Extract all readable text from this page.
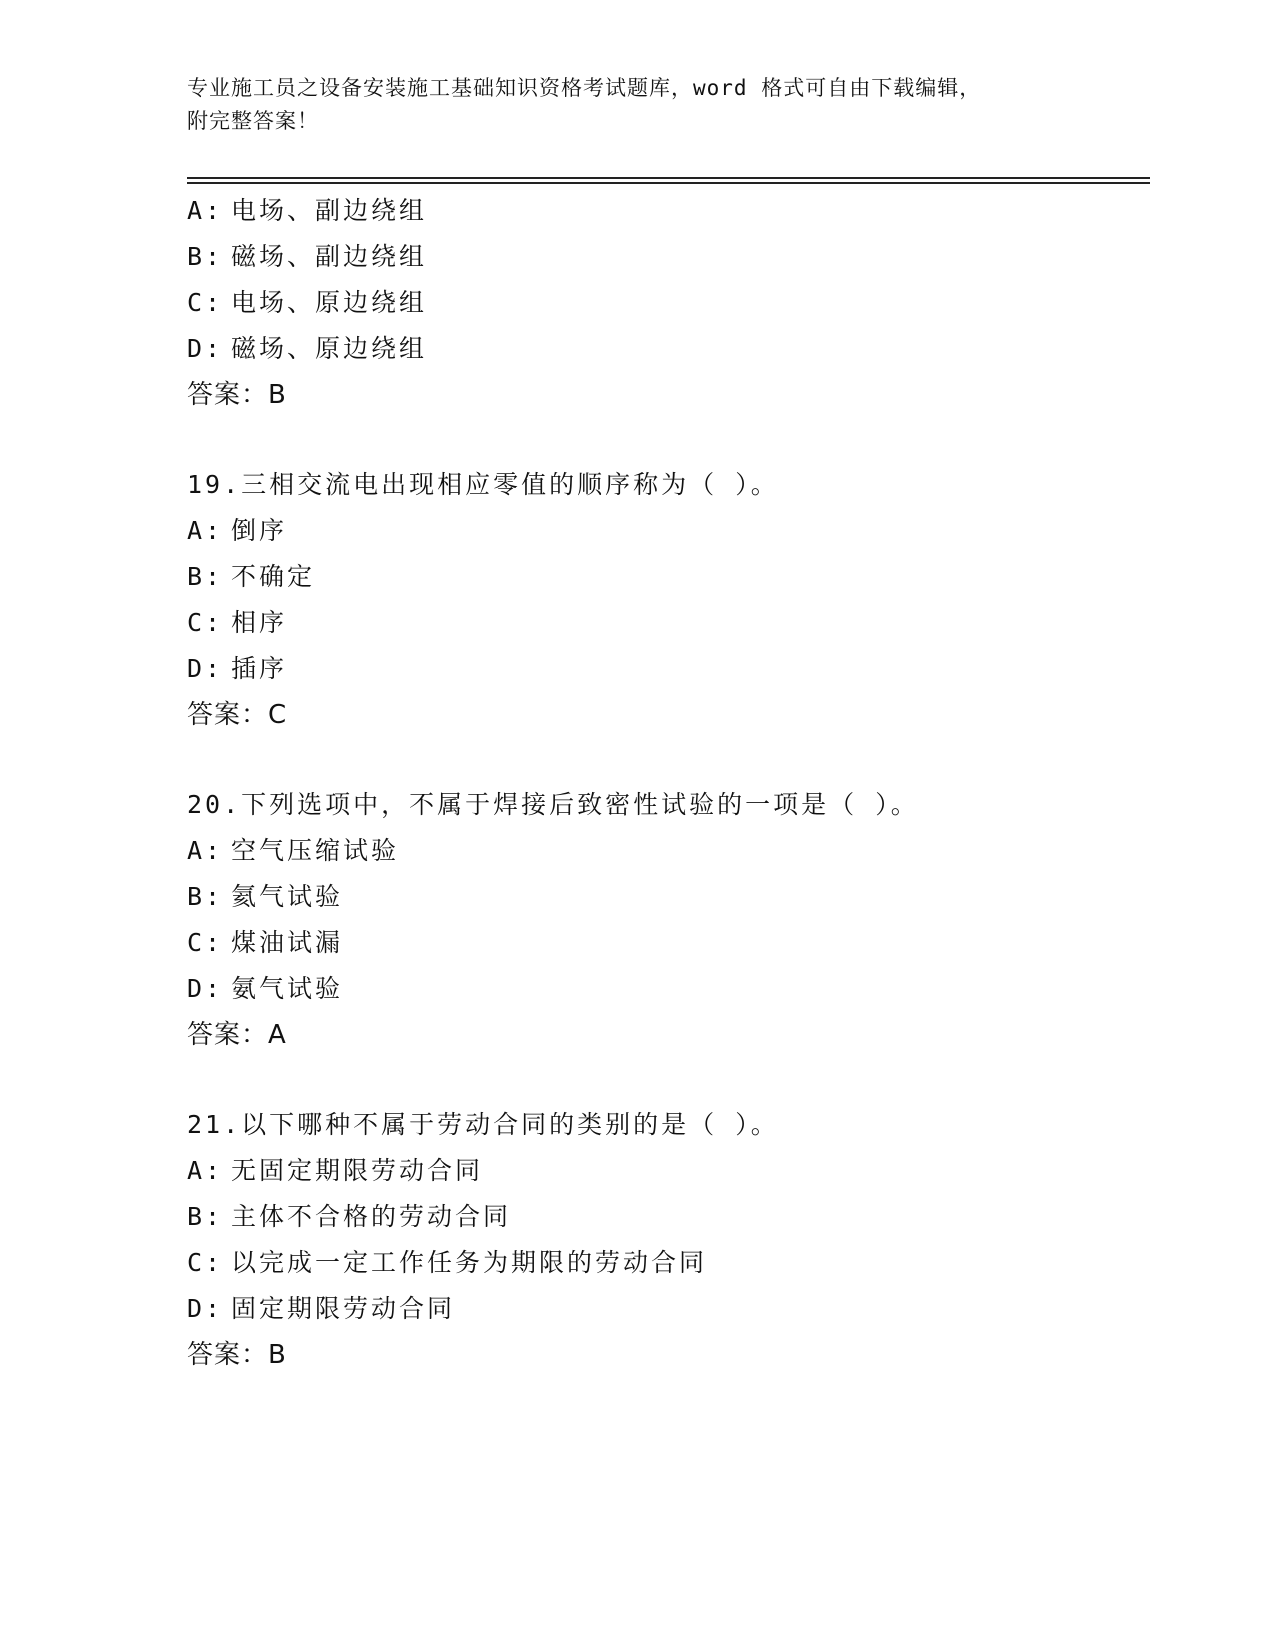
专业施工员之设备安装施工基础知识资格考试题库，word 格式可自由下载编辑，
附完整答案！
A: 电场、副边绕组
B: 磁场、副边绕组
C: 电场、原边绕组
D: 磁场、原边绕组
答案：B
19.三相交流电出现相应零值的顺序称为（ ）。
A: 倒序
B: 不确定
C: 相序
D: 插序
答案：C
20.下列选项中，不属于焊接后致密性试验的一项是（ ）。
A: 空气压缩试验
B: 氦气试验
C: 煤油试漏
D: 氨气试验
答案：A
21.以下哪种不属于劳动合同的类别的是（ ）。
A: 无固定期限劳动合同
B: 主体不合格的劳动合同
C: 以完成一定工作任务为期限的劳动合同
D: 固定期限劳动合同
答案：B
